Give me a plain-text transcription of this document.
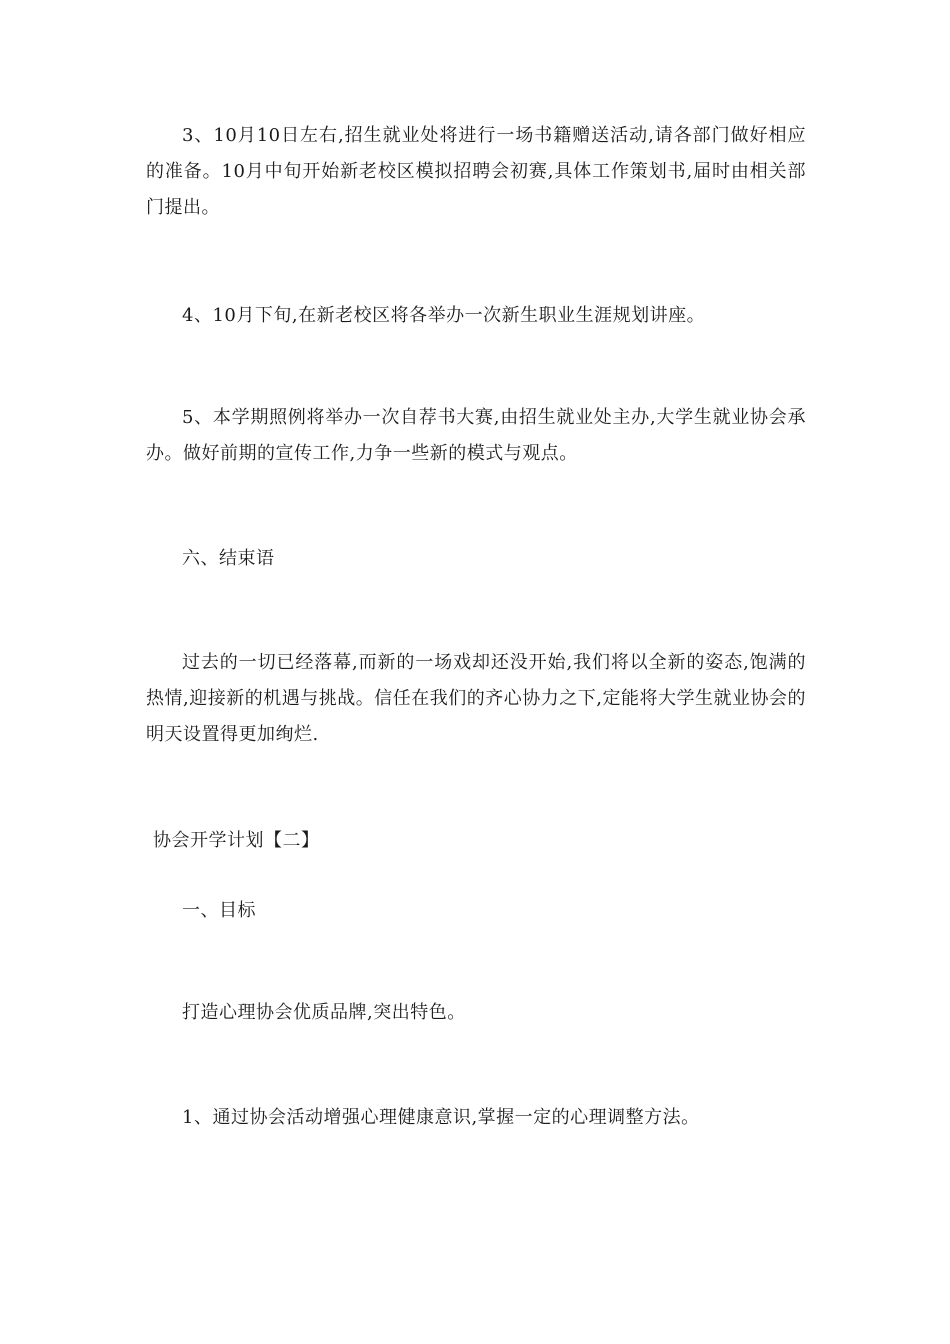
3、10月10日左右,招生就业处将进行一场书籍赠送活动,请各部门做好相应的准备。10月中旬开始新老校区模拟招聘会初赛,具体工作策划书,届时由相关部门提出。

4、10月下旬,在新老校区将各举办一次新生职业生涯规划讲座。

5、本学期照例将举办一次自荐书大赛,由招生就业处主办,大学生就业协会承办。做好前期的宣传工作,力争一些新的模式与观点。

六、结束语

过去的一切已经落幕,而新的一场戏却还没开始,我们将以全新的姿态,饱满的热情,迎接新的机遇与挑战。信任在我们的齐心协力之下,定能将大学生就业协会的明天设置得更加绚烂.

协会开学计划【二】

一、目标

打造心理协会优质品牌,突出特色。

1、通过协会活动增强心理健康意识,掌握一定的心理调整方法。
